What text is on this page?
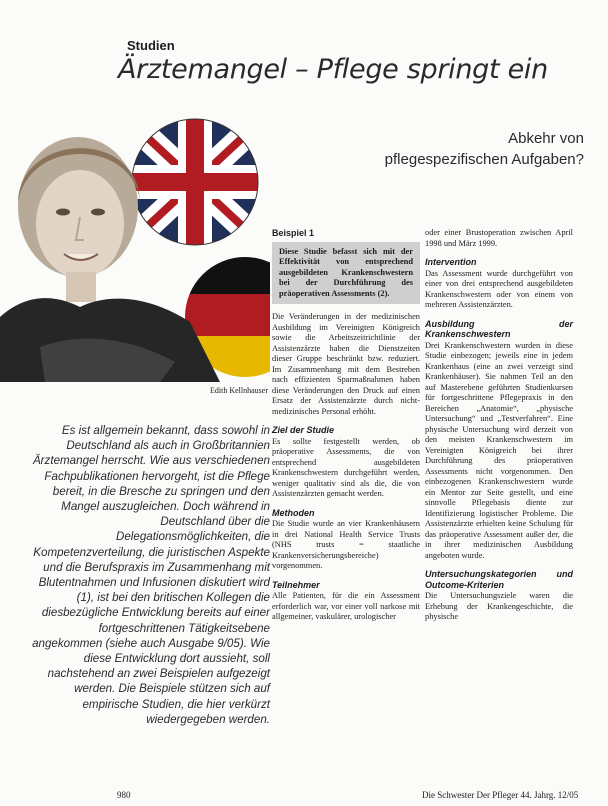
Studien
Ärztemangel – Pflege springt ein
Abkehr von
pflegespezifischen Aufgaben?
Edith Kellnhauser

Es ist allgemein bekannt, dass sowohl in Deutschland als auch in Großbritannien Ärztemangel herrscht. Wie aus verschiedenen Fachpublikationen hervorgeht, ist die Pflege bereit, in die Bresche zu springen und den Mangel auszugleichen. Doch während in Deutschland über die Delegationsmöglichkeiten, die Kompetenzverteilung, die juristischen Aspekte und die Berufspraxis im Zusammenhang mit Blutentnahmen und Infusionen diskutiert wird (1), ist bei den britischen Kollegen die diesbezügliche Entwicklung bereits auf einer fortgeschrittenen Tätigkeitsebene angekommen (siehe auch Ausgabe 9/05). Wie diese Entwicklung dort aussieht, soll nachstehend an zwei Beispielen aufgezeigt werden. Die Beispiele stützen sich auf empirische Studien, die hier verkürzt wiedergegeben werden.

Beispiel 1
Diese Studie befasst sich mit der Effektivität von entsprechend ausgebildeten Krankenschwestern bei der Durchführung des präoperativen Assessments (2).

Die Veränderungen in der medizinischen Ausbildung im Vereinigten Königreich sowie die Arbeitszeitrichtlinie der Assistenzärzte haben die Dienstzeiten dieser Gruppe beschränkt bzw. reduziert. Im Zusammenhang mit dem Bestreben nach effizienten Sparmaßnahmen haben diese Veränderungen den Druck auf einen Ersatz der Assistenzärzte durch nicht-medizinisches Personal erhöht.

Ziel der Studie

Es sollte festgestellt werden, ob präoperative Assessments, die von entsprechend ausgebildeten Krankenschwestern durchgeführt werden, weniger qualitativ sind als die, die von Assistenzärzten gemacht werden.

Methoden

Die Studie wurde an vier Krankenhäusern in drei National Health Service Trusts (NHS trusts = staatliche Krankenversicherungsbereiche) vorgenommen.

Teilnehmer

Alle Patienten, für die ein Assessment erforderlich war, vor einer voll narkose mit allgemeiner, vaskulärer, urologischer

oder einer Brustoperation zwischen April 1998 und März 1999.

Intervention

Das Assessment wurde durchgeführt von einer von drei entsprechend ausgebildeten Krankenschwestern oder von einem von mehreren Assistenzärzten.

Ausbildung der Krankenschwestern

Drei Krankenschwestern wurden in diese Studie einbezogen; jeweils eine in jedem Krankenhaus (eine an zwei verzeigt sind Krankenhäuser). Sie nahmen Teil an den auf Masterebene geführten Studienkursen für fortgeschrittene Pflegepraxis in den Bereichen „Anatomie“, „physische Untersuchung“ und „Testverfahren“. Eine physische Untersuchung wird derzeit von den meisten Krankenschwestern im Vereinigten Königreich bei ihrer Durchführung des präoperativen Assessments nicht vorgenommen. Den einbezogenen Krankenschwestern wurde ein Mentor zur Seite gestellt, und eine sinnvolle Pflegebasis diente zur Identifizierung logistischer Probleme. Die Assistenzärzte erhielten keine Schulung für das präoperative Assessment außer der, die in ihrer medizinischen Ausbildung angeboten wurde.

Untersuchungskategorien und Outcome-Kriterien

Die Untersuchungsziele waren die Erhebung der Krankengeschichte, die physische

980	Die Schwester Der Pfleger 44. Jahrg. 12/05
